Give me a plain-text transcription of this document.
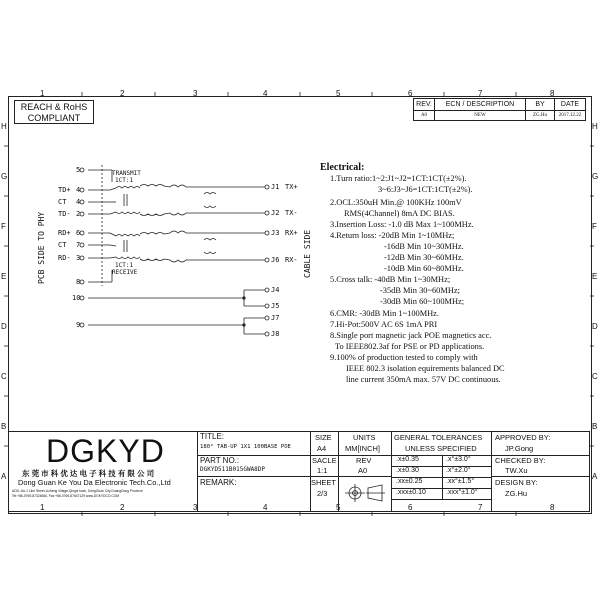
1	2	3	4	5	6	7	8
1	2	3	4	5	6	7	8
H
G
F
E
D
C
B
A
H
G
F
E
D
C
B
A
REACH & RoHS
COMPLIANT
REV.	ECN / DESCRIPTION	BY	DATE
A0	NEW	ZG.Hu	2017.12.22
PCB SIDE TO PHY	CABLE SIDE
TRANSMIT
1CT:1
1CT:1
RECEIVE
5
TD+ 4
CT 4
TD- 2
RD+ 6
CT 7
RD- 3
8
10
9
J1 TX+
J2 TX-
J3 RX+
J6 RX-
J4
J5
J7
J8
Electrical:
1.Turn ratio:1~2:J1~J2=1CT:1CT(±2%).
3~6:J3~J6=1CT:1CT(±2%).
2.OCL:350uH Min.@ 100KHz 100mV
RMS(4Channel) 8mA DC BIAS.
3.Insertion Loss: -1.0 dB Max 1~100MHz.
4.Return loss: -20dB Min 1~10MHz;
-16dB Min 10~30MHz.
-12dB Min 30~60MHz.
-10dB Min 60~80MHz.
5.Cross talk: -40dB Min 1~30MHz;
-35dB Min 30~60MHz;
-30dB Min 60~100MHz;
6.CMR: -30dB Min 1~100MHz.
7.Hi-Pot:500V AC 6S 1mA PRI
8.Single port magnetic jack POE magnetics acc.
To IEEE802.3af for PSE or PD applications.
9.100% of production tested to comply with
IEEE 802.3 isolation equirements balanced DC
line current 350mA max. 57V DC continuous.
DGKYD
东 莞 市 科 优 达 电 子 科 技 有 限 公 司
Dong Guan Ke You Da Electronic Tech.Co.,Ltd
ADD:-No.1 Lihe Street,Lizheng Village,Qingxi town, DongGuan City,GuangDong Province
Tel:+86-0769-87324666, Fax:+86-0769-87647129 www.DGKYDCO.COM
TITLE:
180° TAB-UP 1X1 100BASE POE
PART NO.:
DGKYD511B015GWA8DP
REMARK:
SIZE
A4
UNITS
MM[INCH]
SACLE
1:1
REV
A0
SHEET
2/3
GENERAL TOLERANCES
UNLESS SPECIFIED
.x±0.35	.x°±3.0°
.x±0.30	.x°±2.0°
.xx±0.25	.xx°±1.5°
.xxx±0.10	.xxx°±1.0°
APPROVED BY:
JP.Gong
CHECKED BY:
TW.Xu
DESIGN BY:
ZG.Hu
